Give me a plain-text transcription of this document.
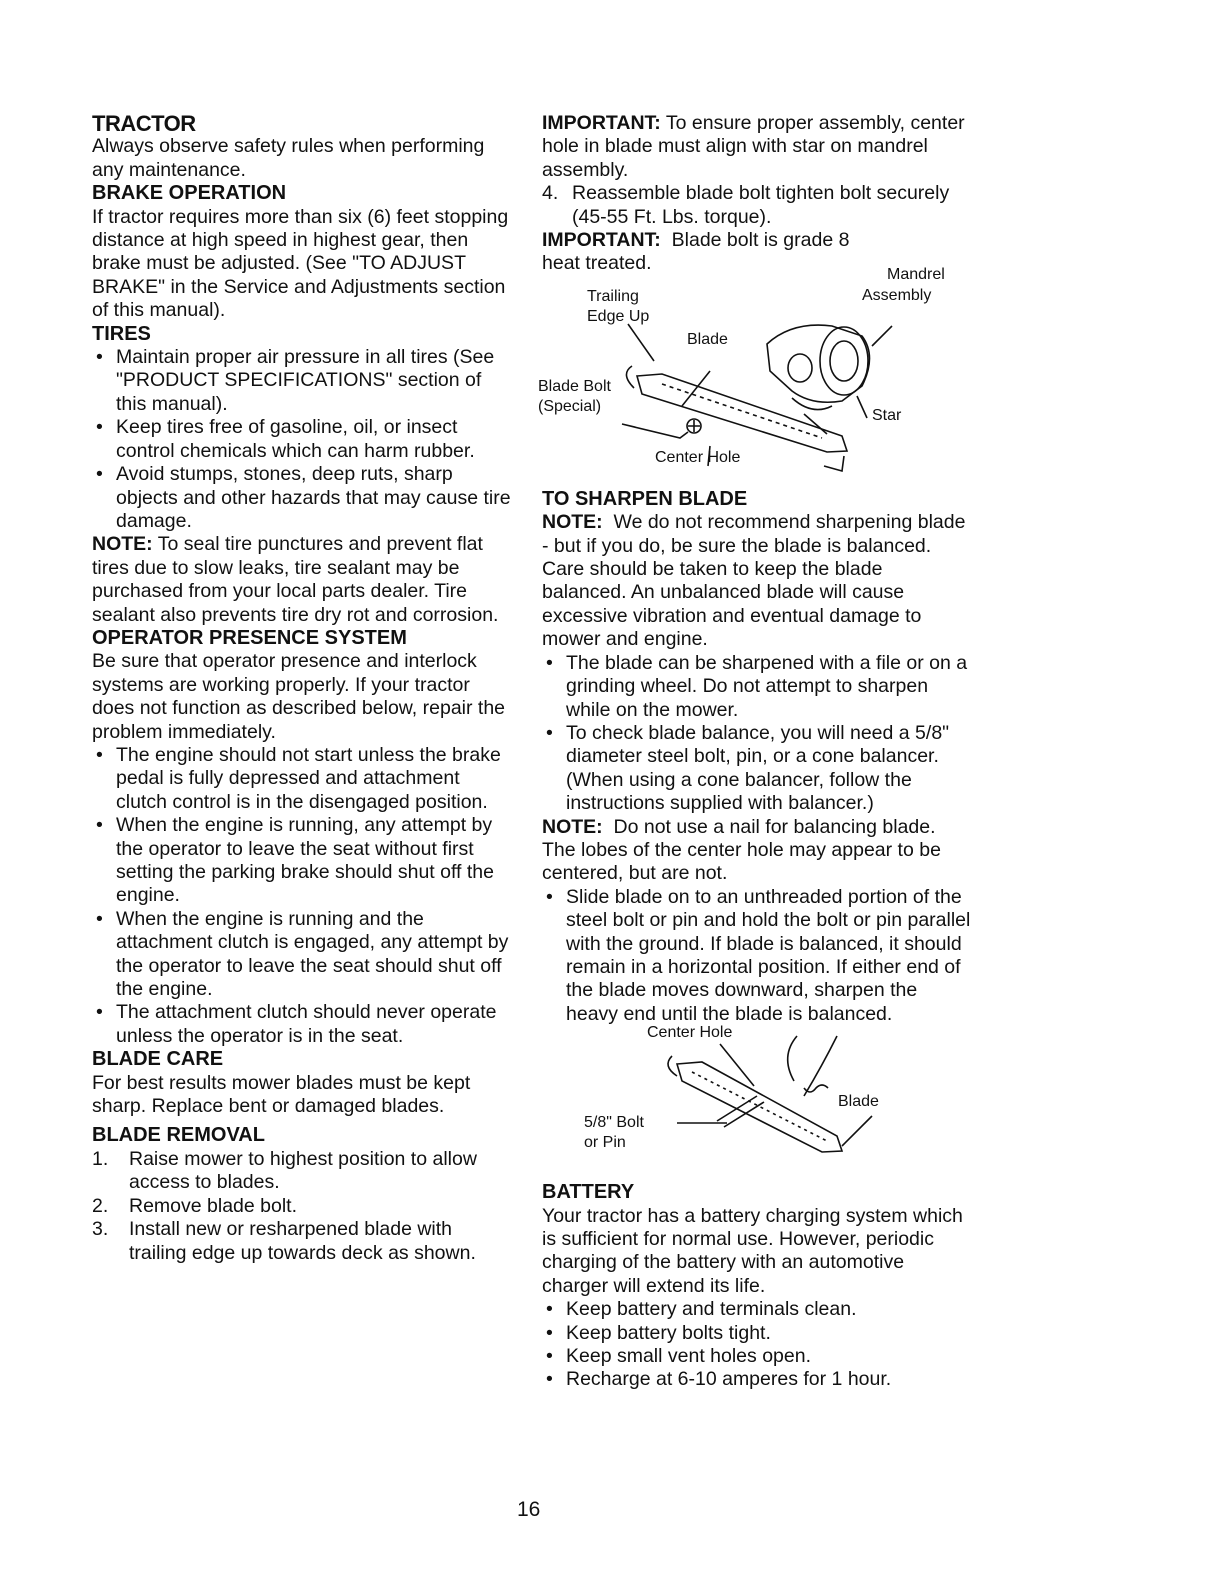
TRACTOR

Always observe safety rules when performing any maintenance.

BRAKE OPERATION

If tractor requires more than six (6) feet stopping distance at high speed in highest gear, then brake must be adjusted. (See "TO ADJUST BRAKE" in the Service and Adjustments section of this manual).

TIRES
• Maintain proper air pressure in all tires (See "PRODUCT SPECIFICATIONS" section of this manual).
• Keep tires free of gasoline, oil, or insect control chemicals which can harm rubber.
• Avoid stumps, stones, deep ruts, sharp objects and other hazards that may cause tire damage.

NOTE: To seal tire punctures and prevent flat tires due to slow leaks, tire sealant may be purchased from your local parts dealer. Tire sealant also prevents tire dry rot and corrosion.

OPERATOR PRESENCE SYSTEM

Be sure that operator presence and interlock systems are working properly. If your tractor does not function as described below, repair the problem immediately.

• The engine should not start unless the brake pedal is fully depressed and attachment clutch control is in the disengaged position.
• When the engine is running, any attempt by the operator to leave the seat without first setting the parking brake should shut off the engine.
• When the engine is running and the attachment clutch is engaged, any attempt by the operator to leave the seat should shut off the engine.
• The attachment clutch should never operate unless the operator is in the seat.
BLADE CARE

For best results mower blades must be kept sharp. Replace bent or damaged blades.

BLADE REMOVAL
1. Raise mower to highest position to allow access to blades.
2. Remove blade bolt.
3. Install new or resharpened blade with trailing edge up towards deck as shown.

IMPORTANT: To ensure proper assembly, center hole in blade must align with star on mandrel assembly.

4. Reassemble blade bolt tighten bolt securely (45-55 Ft. Lbs. torque).

IMPORTANT: Blade bolt is grade 8 heat treated.

Trailing
Edge Up
Blade
Mandrel
Assembly
Blade Bolt
(Special)
Star
Center Hole
TO SHARPEN BLADE

NOTE: We do not recommend sharpening blade - but if you do, be sure the blade is balanced.

Care should be taken to keep the blade balanced. An unbalanced blade will cause excessive vibration and eventual damage to mower and engine.

• The blade can be sharpened with a file or on a grinding wheel. Do not attempt to sharpen while on the mower.
• To check blade balance, you will need a 5/8" diameter steel bolt, pin, or a cone balancer. (When using a cone balancer, follow the instructions supplied with balancer.)

NOTE: Do not use a nail for balancing blade. The lobes of the center hole may appear to be centered, but are not.

• Slide blade on to an unthreaded portion of the steel bolt or pin and hold the bolt or pin parallel with the ground. If blade is balanced, it should remain in a horizontal position. If either end of the blade moves downward, sharpen the heavy end until the blade is balanced.
Center Hole
Blade
5/8" Bolt
or Pin
BATTERY

Your tractor has a battery charging system which is sufficient for normal use. However, periodic charging of the battery with an automotive charger will extend its life.

• Keep battery and terminals clean.
• Keep battery bolts tight.
• Keep small vent holes open.
• Recharge at 6-10 amperes for 1 hour.
16
